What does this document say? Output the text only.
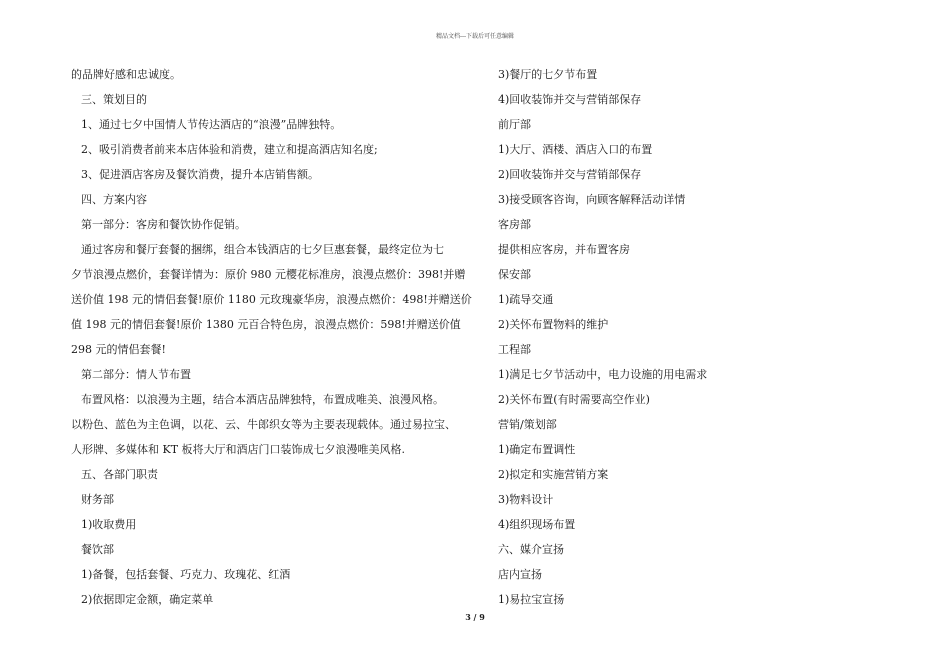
精品文档---下载后可任意编辑
的品牌好感和忠诚度。
三、策划目的
1、通过七夕中国情人节传达酒店的“浪漫”品牌独特。
2、吸引消费者前来本店体验和消费，建立和提高酒店知名度;
3、促进酒店客房及餐饮消费，提升本店销售额。
四、方案内容
第一部分：客房和餐饮协作促销。
通过客房和餐厅套餐的捆绑，组合本钱酒店的七夕巨惠套餐，最终定位为七
夕节浪漫点燃价，套餐详情为：原价 980 元樱花标准房，浪漫点燃价：398!并赠
送价值 198 元的情侣套餐!原价 1180 元玫瑰豪华房，浪漫点燃价：498!并赠送价
值 198 元的情侣套餐!原价 1380 元百合特色房，浪漫点燃价：598!并赠送价值
298 元的情侣套餐!
第二部分：情人节布置
布置风格：以浪漫为主题，结合本酒店品牌独特，布置成唯美、浪漫风格。
以粉色、蓝色为主色调，以花、云、牛郎织女等为主要表现载体。通过易拉宝、
人形牌、多媒体和 KT 板将大厅和酒店门口装饰成七夕浪漫唯美风格.
五、各部门职责
财务部
1)收取费用
餐饮部
1)备餐，包括套餐、巧克力、玫瑰花、红酒
2)依据即定金额，确定菜单
3)餐厅的七夕节布置
4)回收装饰并交与营销部保存
前厅部
1)大厅、酒楼、酒店入口的布置
2)回收装饰并交与营销部保存
3)接受顾客咨询，向顾客解释活动详情
客房部
提供相应客房，并布置客房
保安部
1)疏导交通
2)关怀布置物料的维护
工程部
1)满足七夕节活动中，电力设施的用电需求
2)关怀布置(有时需要高空作业)
营销/策划部
1)确定布置调性
2)拟定和实施营销方案
3)物料设计
4)组织现场布置
六、媒介宣扬
店内宣扬
1)易拉宝宣扬
3 / 9
